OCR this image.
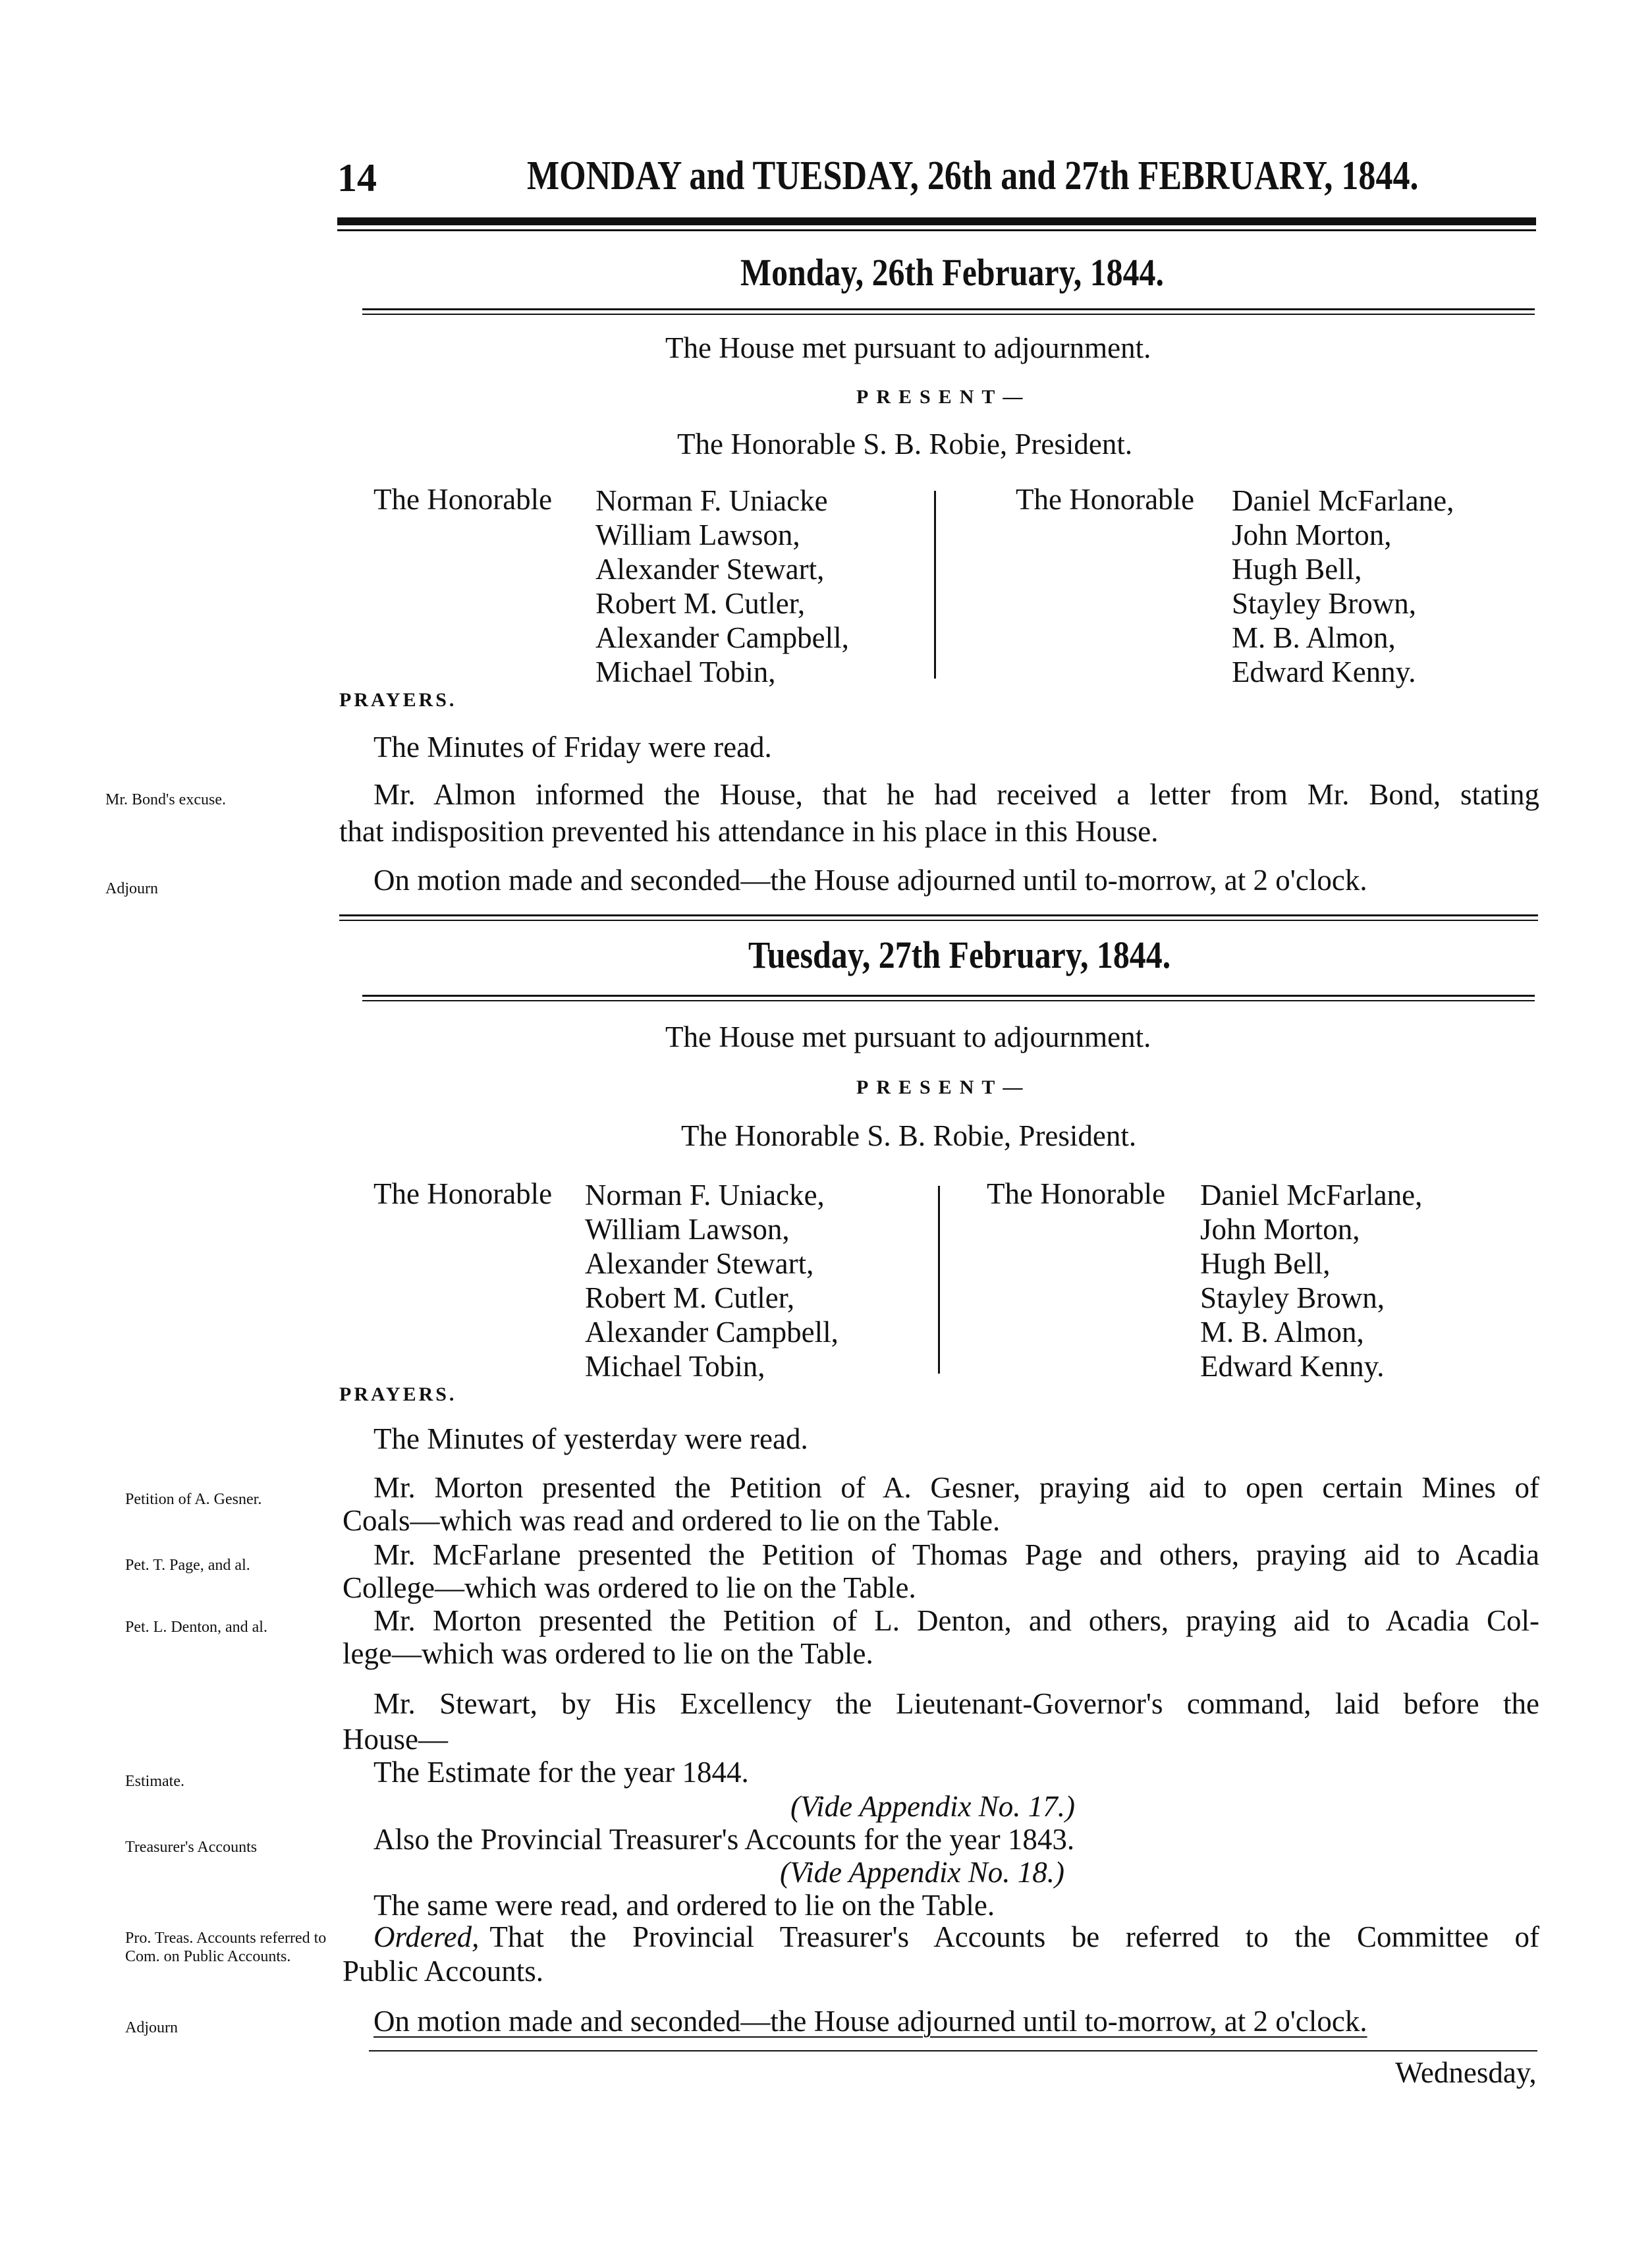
14	MONDAY and TUESDAY, 26th and 27th FEBRUARY, 1844.
Monday, 26th February, 1844.
The House met pursuant to adjournment.
PRESENT—
The Honorable S. B. Robie, President.
The Honorable Norman F. Uniacke
William Lawson,
Alexander Stewart,
Robert M. Cutler,
Alexander Campbell,
Michael Tobin,
The Honorable Daniel McFarlane,
John Morton,
Hugh Bell,
Stayley Brown,
M. B. Almon,
Edward Kenny.
PRAYERS.
The Minutes of Friday were read.
Mr. Bond's excuse.	Mr. Almon informed the House, that he had received a letter from Mr. Bond, stating
that indisposition prevented his attendance in his place in this House.
Adjourn	On motion made and seconded—the House adjourned until to-morrow, at 2 o'clock.
Tuesday, 27th February, 1844.
The House met pursuant to adjournment.
PRESENT—
The Honorable S. B. Robie, President.
The Honorable Norman F. Uniacke,
William Lawson,
Alexander Stewart,
Robert M. Cutler,
Alexander Campbell,
Michael Tobin,
The Honorable Daniel McFarlane,
John Morton,
Hugh Bell,
Stayley Brown,
M. B. Almon,
Edward Kenny.
PRAYERS.
The Minutes of yesterday were read.
Petition of A. Gesner.	Mr. Morton presented the Petition of A. Gesner, praying aid to open certain Mines of
Coals—which was read and ordered to lie on the Table.
Pet. T. Page, and al.	Mr. McFarlane presented the Petition of Thomas Page and others, praying aid to Acadia
College—which was ordered to lie on the Table.
Pet. L. Denton, and al.	Mr. Morton presented the Petition of L. Denton, and others, praying aid to Acadia Col-
lege—which was ordered to lie on the Table.
Mr. Stewart, by His Excellency the Lieutenant-Governor's command, laid before the
House—
Estimate.	The Estimate for the year 1844.
(Vide Appendix No. 17.)
Treasurer's Accounts	Also the Provincial Treasurer's Accounts for the year 1843.
(Vide Appendix No. 18.)
The same were read, and ordered to lie on the Table.
Pro. Treas. Accounts referred to Com. on Public Accounts.
Ordered, That the Provincial Treasurer's Accounts be referred to the Committee of
Public Accounts.
Adjourn	On motion made and seconded—the House adjourned until to-morrow, at 2 o'clock.
Wednesday,
